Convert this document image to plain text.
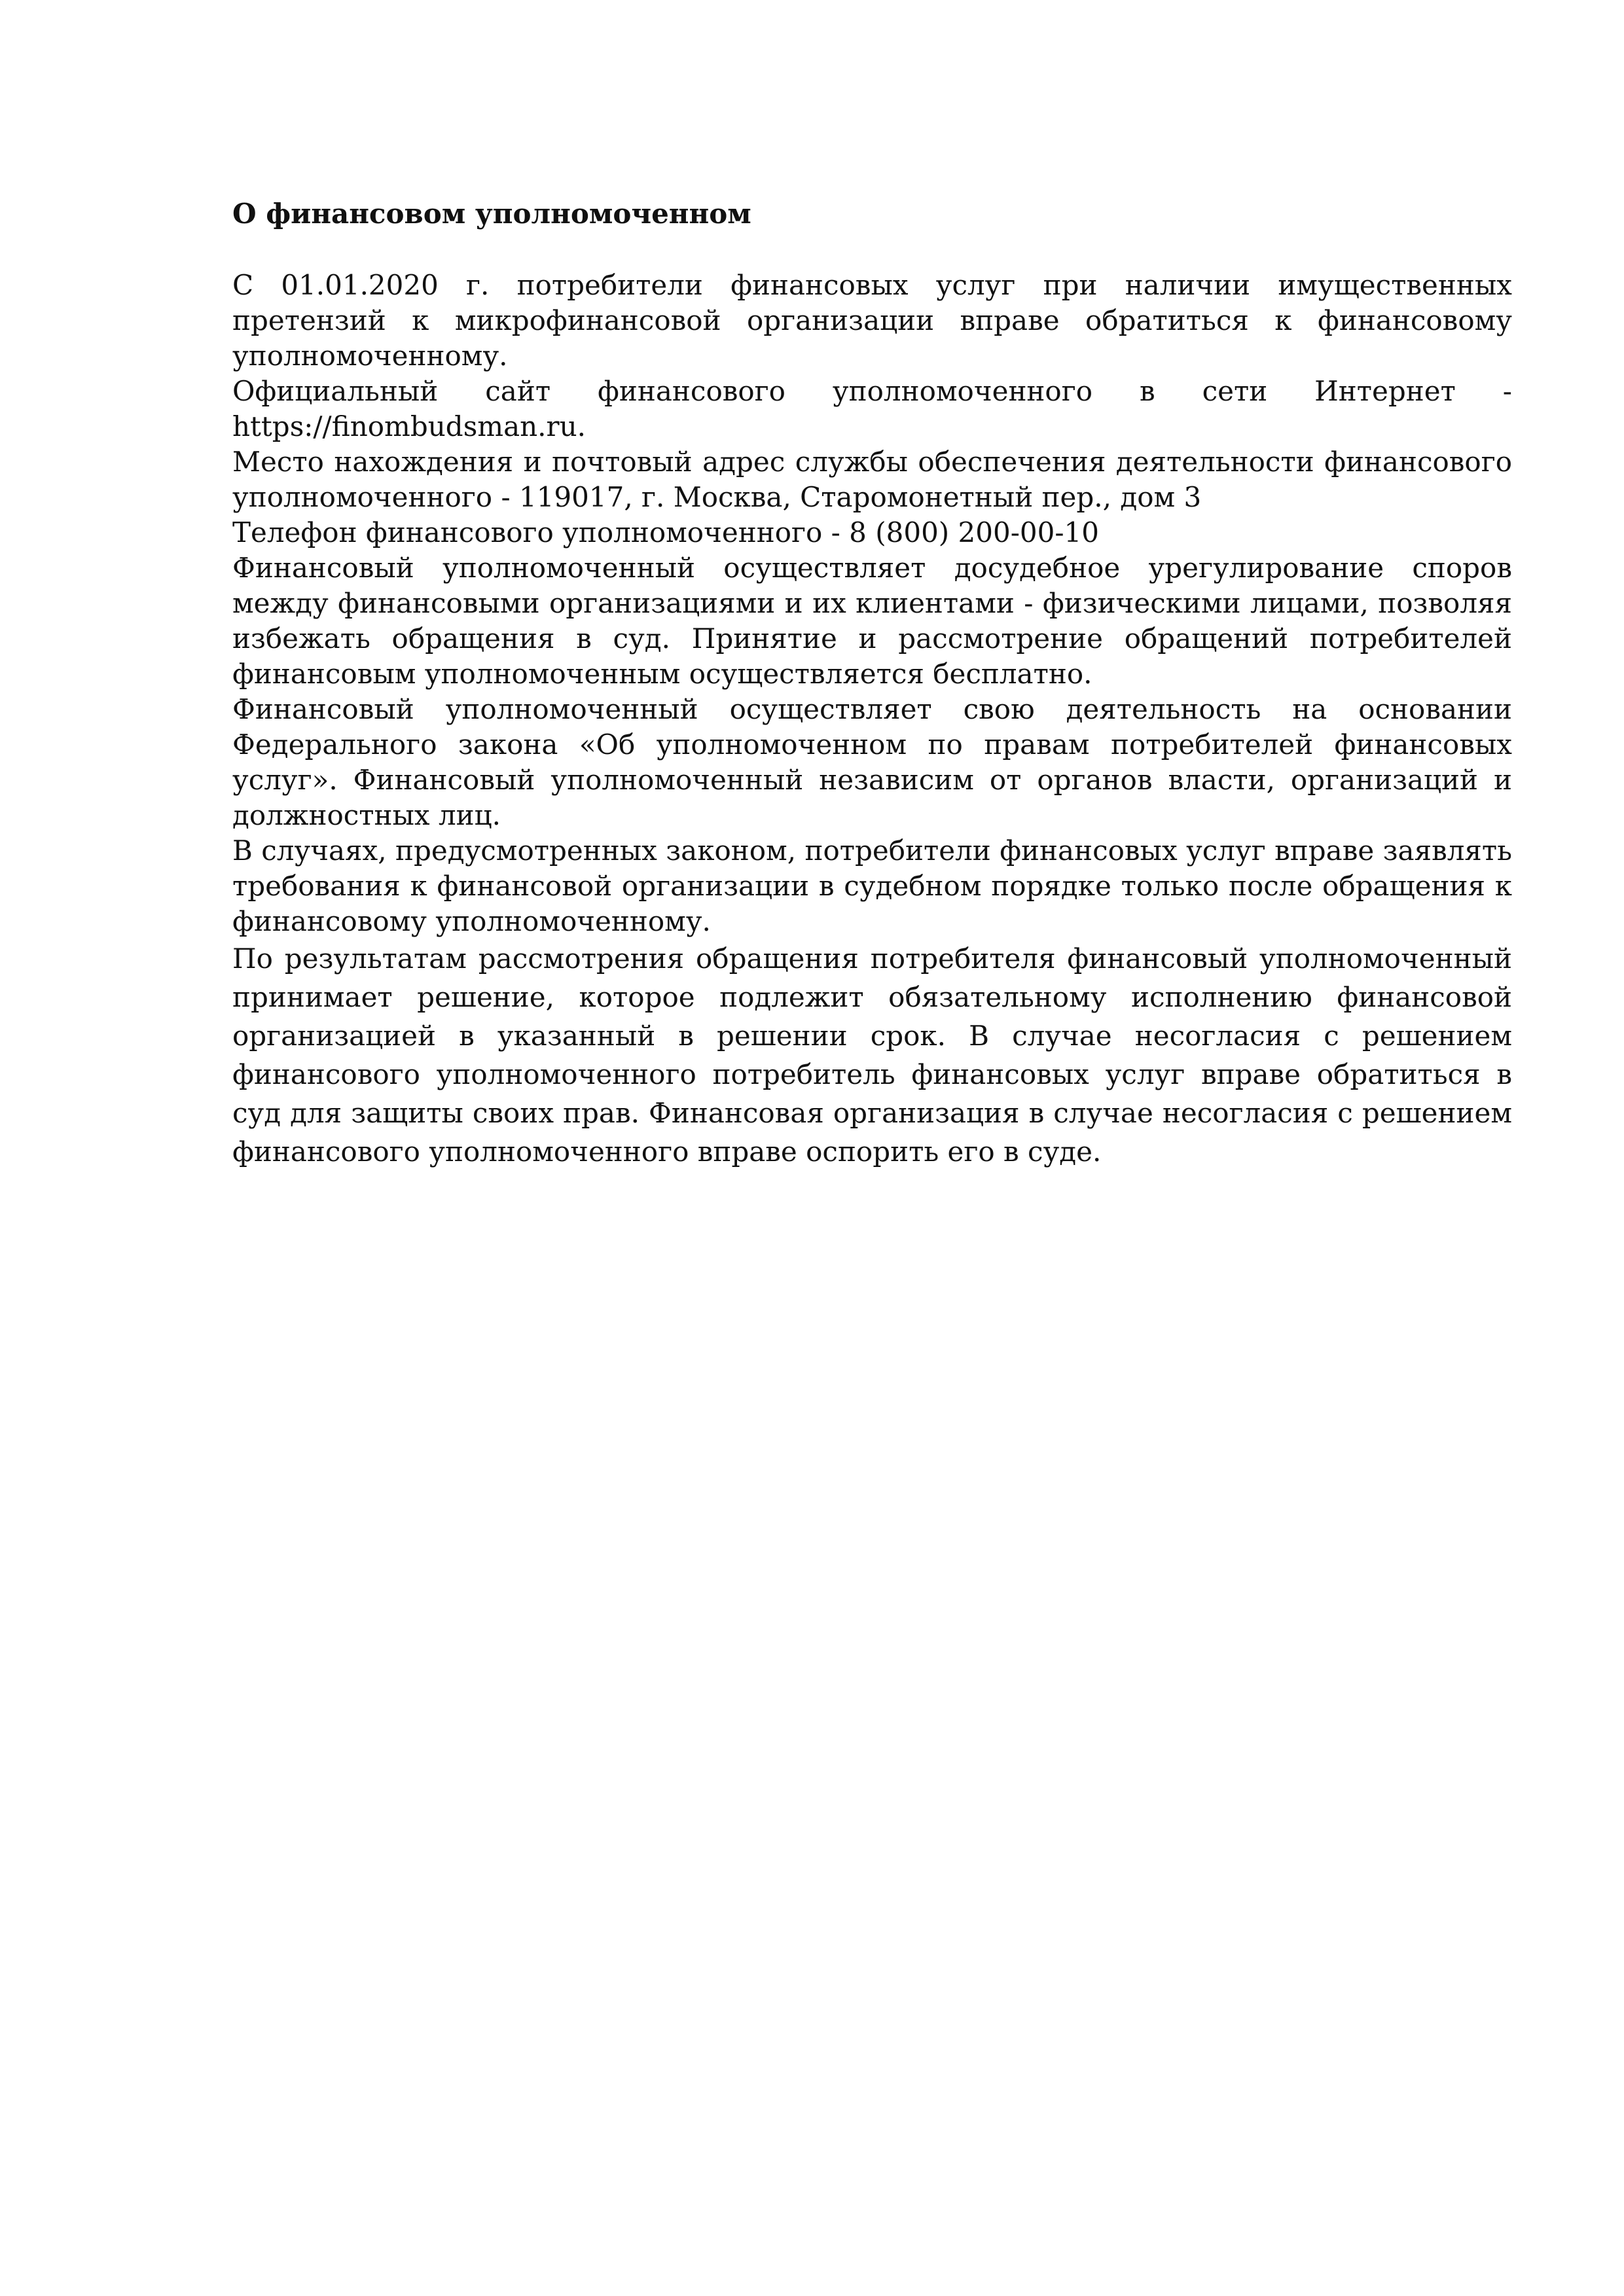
О финансовом уполномоченном

С 01.01.2020 г. потребители финансовых услуг при наличии имущественных претензий к микрофинансовой организации вправе обратиться к финансовому уполномоченному.

Официальный сайт финансового уполномоченного в сети Интернет - https://finombudsman.ru.

Место нахождения и почтовый адрес службы обеспечения деятельности финансового уполномоченного - 119017, г. Москва, Старомонетный пер., дом 3

Телефон финансового уполномоченного - 8 (800) 200-00-10

Финансовый уполномоченный осуществляет досудебное урегулирование споров между финансовыми организациями и их клиентами - физическими лицами, позволяя избежать обращения в суд. Принятие и рассмотрение обращений потребителей финансовым уполномоченным осуществляется бесплатно.

Финансовый уполномоченный осуществляет свою деятельность на основании Федерального закона «Об уполномоченном по правам потребителей финансовых услуг». Финансовый уполномоченный независим от органов власти, организаций и должностных лиц.

В случаях, предусмотренных законом, потребители финансовых услуг вправе заявлять требования к финансовой организации в судебном порядке только после обращения к финансовому уполномоченному.

По результатам рассмотрения обращения потребителя финансовый уполномоченный принимает решение, которое подлежит обязательному исполнению финансовой организацией в указанный в решении срок. В случае несогласия с решением финансового уполномоченного потребитель финансовых услуг вправе обратиться в суд для защиты своих прав. Финансовая организация в случае несогласия с решением финансового уполномоченного вправе оспорить его в суде.
